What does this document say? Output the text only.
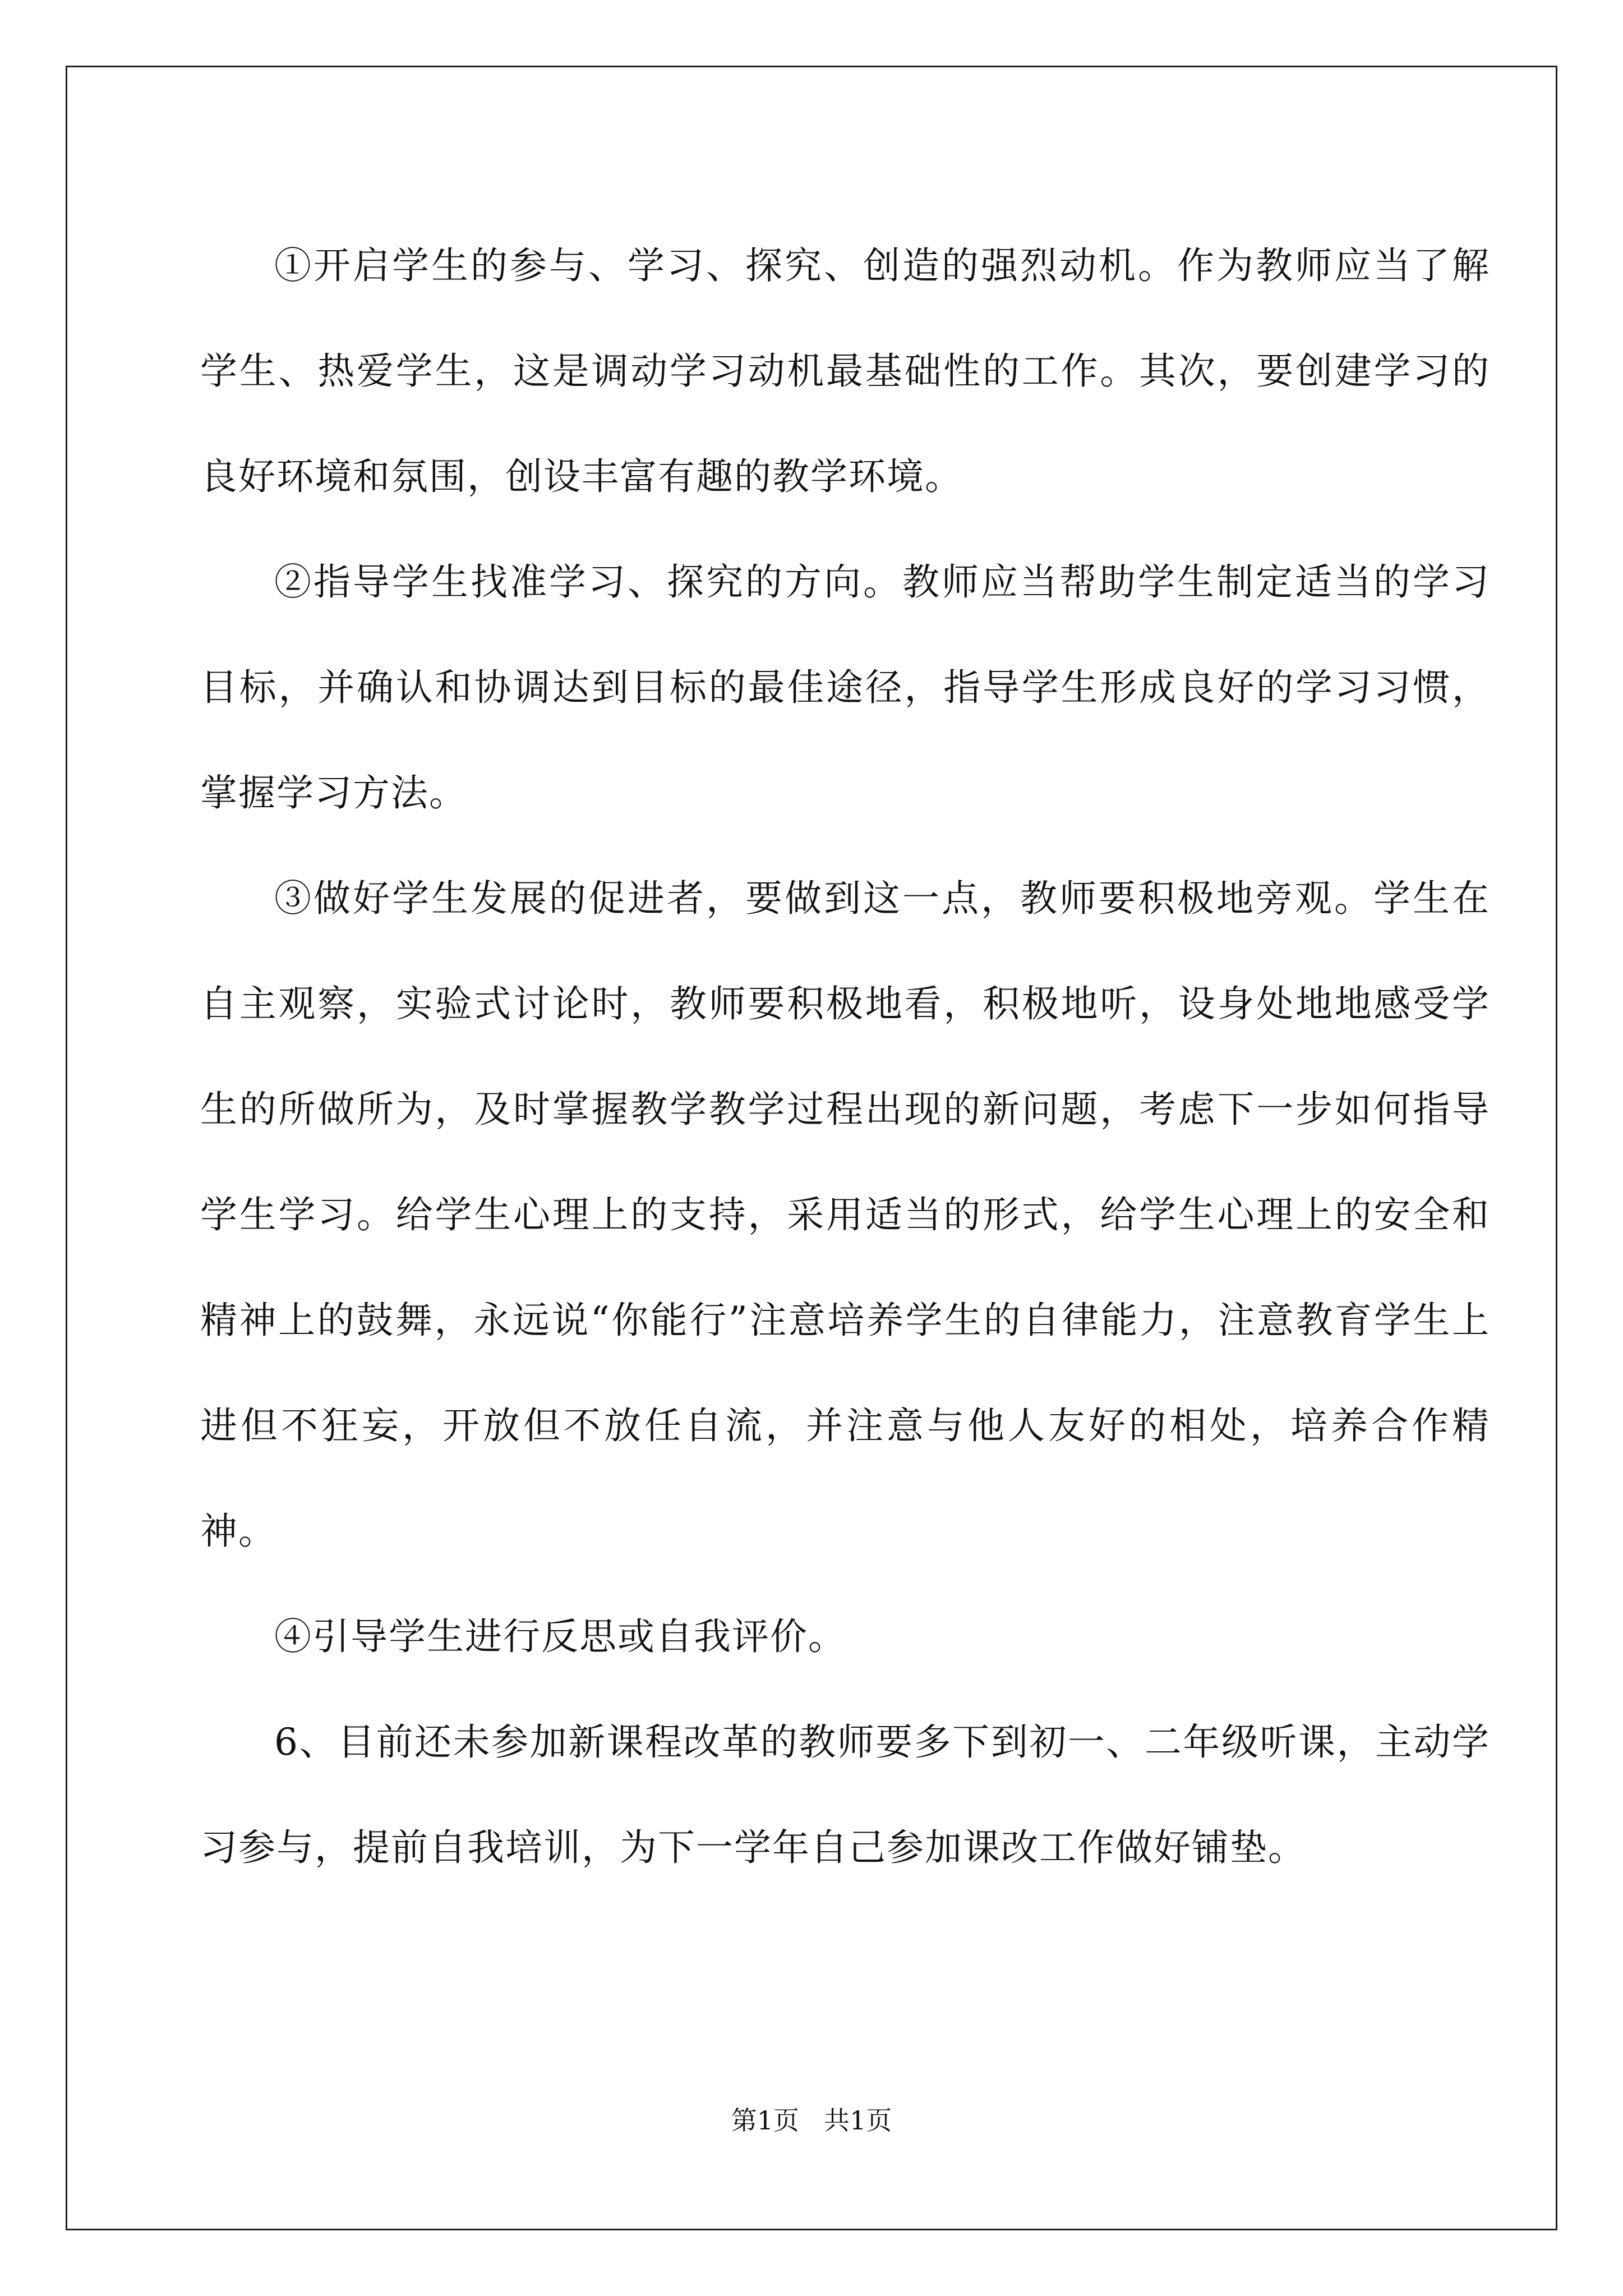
①开启学生的参与、学习、探究、创造的强烈动机。作为教师应当了解学生、热爱学生，这是调动学习动机最基础性的工作。其次，要创建学习的良好环境和氛围，创设丰富有趣的教学环境。

②指导学生找准学习、探究的方向。教师应当帮助学生制定适当的学习目标，并确认和协调达到目标的最佳途径，指导学生形成良好的学习习惯，掌握学习方法。

③做好学生发展的促进者，要做到这一点，教师要积极地旁观。学生在自主观察，实验式讨论时，教师要积极地看，积极地听，设身处地地感受学生的所做所为，及时掌握教学教学过程出现的新问题，考虑下一步如何指导学生学习。给学生心理上的支持，采用适当的形式，给学生心理上的安全和精神上的鼓舞，永远说“你能行”注意培养学生的自律能力，注意教育学生上进但不狂妄，开放但不放任自流，并注意与他人友好的相处，培养合作精神。

④引导学生进行反思或自我评价。

6、目前还未参加新课程改革的教师要多下到初一、二年级听课，主动学习参与，提前自我培训，为下一学年自己参加课改工作做好铺垫。

第1页 共1页
